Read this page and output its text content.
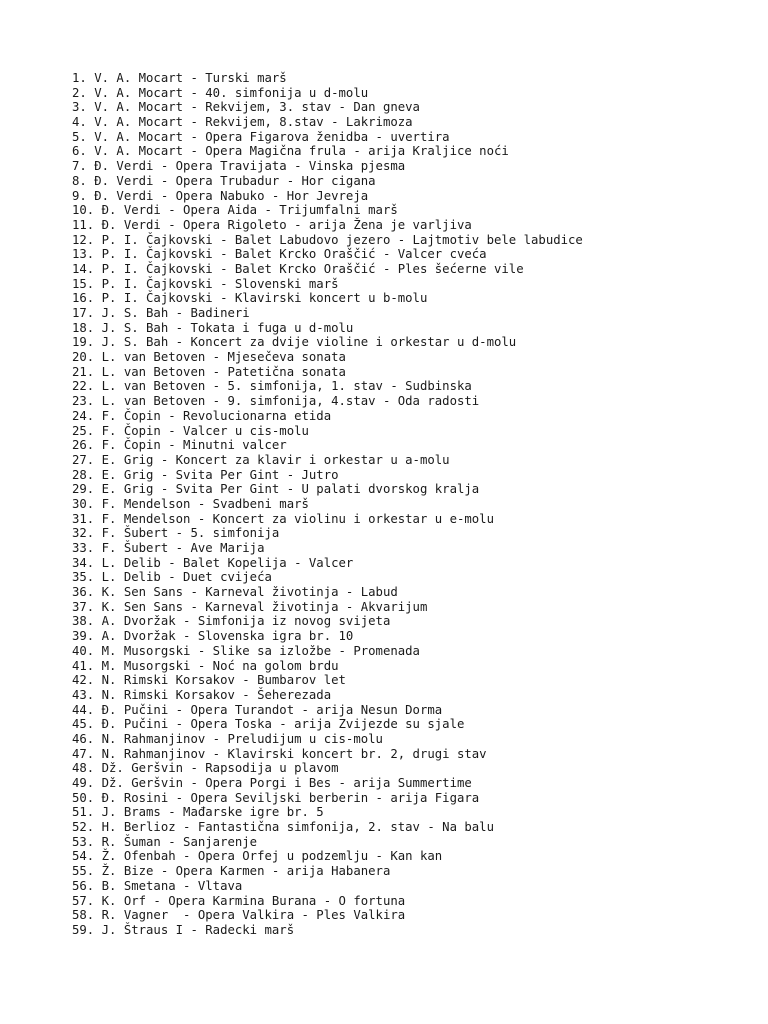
1. V. A. Mocart - Turski marš
2. V. A. Mocart - 40. simfonija u d-molu
3. V. A. Mocart - Rekvijem, 3. stav - Dan gneva
4. V. A. Mocart - Rekvijem, 8.stav - Lakrimoza
5. V. A. Mocart - Opera Figarova ženidba - uvertira
6. V. A. Mocart - Opera Magična frula - arija Kraljice noći
7. Đ. Verdi - Opera Travijata - Vinska pjesma
8. Đ. Verdi - Opera Trubadur - Hor cigana
9. Đ. Verdi - Opera Nabuko - Hor Jevreja
10. Đ. Verdi - Opera Aida - Trijumfalni marš
11. Đ. Verdi - Opera Rigoleto - arija Žena je varljiva
12. P. I. Čajkovski - Balet Labudovo jezero - Lajtmotiv bele labudice
13. P. I. Čajkovski - Balet Krcko Oraščić - Valcer cveća
14. P. I. Čajkovski - Balet Krcko Oraščić - Ples šećerne vile
15. P. I. Čajkovski - Slovenski marš
16. P. I. Čajkovski - Klavirski koncert u b-molu
17. J. S. Bah - Badineri
18. J. S. Bah - Tokata i fuga u d-molu
19. J. S. Bah - Koncert za dvije violine i orkestar u d-molu
20. L. van Betoven - Mjesečeva sonata
21. L. van Betoven - Patetična sonata
22. L. van Betoven - 5. simfonija, 1. stav - Sudbinska
23. L. van Betoven - 9. simfonija, 4.stav - Oda radosti
24. F. Čopin - Revolucionarna etida
25. F. Čopin - Valcer u cis-molu
26. F. Čopin - Minutni valcer
27. E. Grig - Koncert za klavir i orkestar u a-molu
28. E. Grig - Svita Per Gint - Jutro
29. E. Grig - Svita Per Gint - U palati dvorskog kralja
30. F. Mendelson - Svadbeni marš
31. F. Mendelson - Koncert za violinu i orkestar u e-molu
32. F. Šubert - 5. simfonija
33. F. Šubert - Ave Marija
34. L. Delib - Balet Kopelija - Valcer
35. L. Delib - Duet cvijeća
36. K. Sen Sans - Karneval životinja - Labud
37. K. Sen Sans - Karneval životinja - Akvarijum
38. A. Dvoržak - Simfonija iz novog svijeta
39. A. Dvoržak - Slovenska igra br. 10
40. M. Musorgski - Slike sa izložbe - Promenada
41. M. Musorgski - Noć na golom brdu
42. N. Rimski Korsakov - Bumbarov let
43. N. Rimski Korsakov - Šeherezada
44. Đ. Pučini - Opera Turandot - arija Nesun Dorma
45. Đ. Pučini - Opera Toska - arija Zvijezde su sjale
46. N. Rahmanjinov - Preludijum u cis-molu
47. N. Rahmanjinov - Klavirski koncert br. 2, drugi stav
48. Dž. Geršvin - Rapsodija u plavom
49. Dž. Geršvin - Opera Porgi i Bes - arija Summertime
50. Đ. Rosini - Opera Seviljski berberin - arija Figara
51. J. Brams - Mađarske igre br. 5
52. H. Berlioz - Fantastična simfonija, 2. stav - Na balu
53. R. Šuman - Sanjarenje
54. Ž. Ofenbah - Opera Orfej u podzemlju - Kan kan
55. Ž. Bize - Opera Karmen - arija Habanera
56. B. Smetana - Vltava
57. K. Orf - Opera Karmina Burana - O fortuna
58. R. Vagner  - Opera Valkira - Ples Valkira
59. J. Štraus I - Radecki marš
